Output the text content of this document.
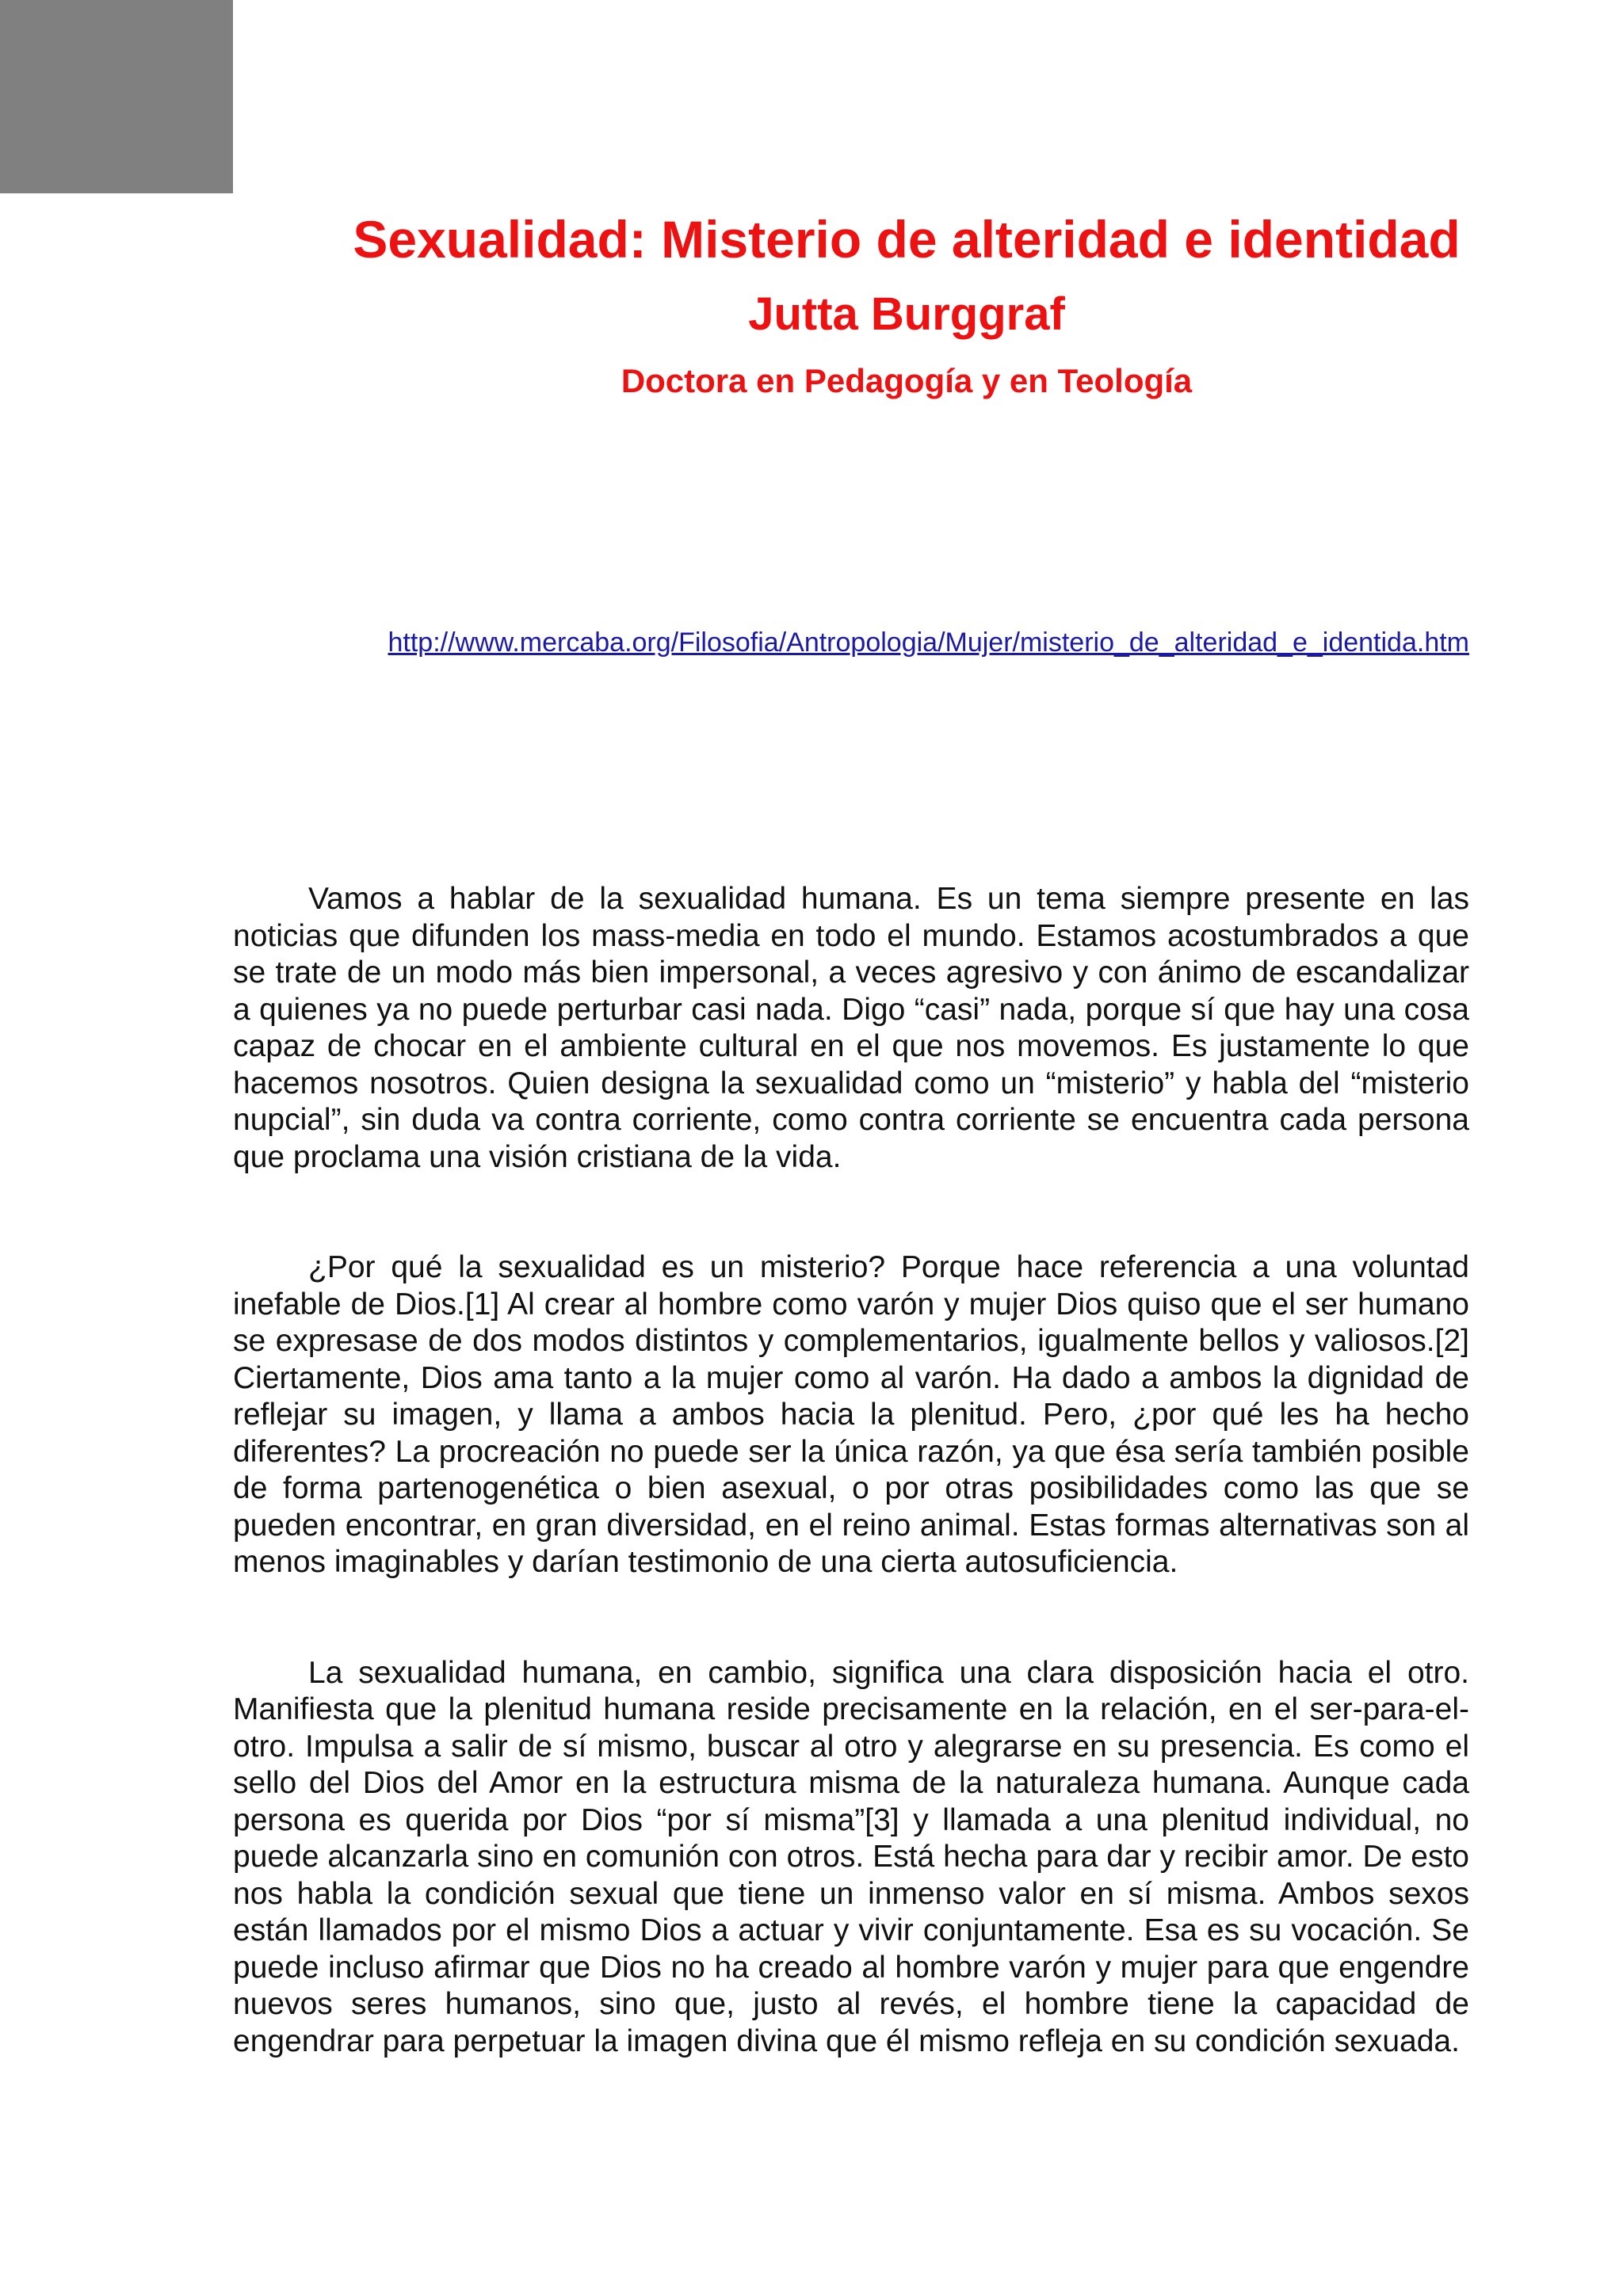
Sexualidad: Misterio de alteridad e identidad
Jutta Burggraf
Doctora en Pedagogía y en Teología
http://www.mercaba.org/Filosofia/Antropologia/Mujer/misterio_de_alteridad_e_identida.htm

Vamos a hablar de la sexualidad humana. Es un tema siempre presente en las noticias que difunden los mass-media en todo el mundo. Estamos acostumbrados a que se trate de un modo más bien impersonal, a veces agresivo y con ánimo de escandalizar a quienes ya no puede perturbar casi nada. Digo “casi” nada, porque sí que hay una cosa capaz de chocar en el ambiente cultural en el que nos movemos. Es justamente lo que hacemos nosotros. Quien designa la sexualidad como un “misterio” y habla del “misterio nupcial”, sin duda va contra corriente, como contra corriente se encuentra cada persona que proclama una visión cristiana de la vida.

¿Por qué la sexualidad es un misterio? Porque hace referencia a una voluntad inefable de Dios.[1] Al crear al hombre como varón y mujer Dios quiso que el ser humano se expresase de dos modos distintos y complementarios, igualmente bellos y valiosos.[2] Ciertamente, Dios ama tanto a la mujer como al varón. Ha dado a ambos la dignidad de reflejar su imagen, y llama a ambos hacia la plenitud. Pero, ¿por qué les ha hecho diferentes? La procreación no puede ser la única razón, ya que ésa sería también posible de forma partenogenética o bien asexual, o por otras posibilidades como las que se pueden encontrar, en gran diversidad, en el reino animal. Estas formas alternativas son al menos imaginables y darían testimonio de una cierta autosuficiencia.

La sexualidad humana, en cambio, significa una clara disposición hacia el otro. Manifiesta que la plenitud humana reside precisamente en la relación, en el ser-para-el-otro. Impulsa a salir de sí mismo, buscar al otro y alegrarse en su presencia. Es como el sello del Dios del Amor en la estructura misma de la naturaleza humana. Aunque cada persona es querida por Dios “por sí misma”[3] y llamada a una plenitud individual, no puede alcanzarla sino en comunión con otros. Está hecha para dar y recibir amor. De esto nos habla la condición sexual que tiene un inmenso valor en sí misma. Ambos sexos están llamados por el mismo Dios a actuar y vivir conjuntamente. Esa es su vocación. Se puede incluso afirmar que Dios no ha creado al hombre varón y mujer para que engendre nuevos seres humanos, sino que, justo al revés, el hombre tiene la capacidad de engendrar para perpetuar la imagen divina que él mismo refleja en su condición sexuada.
